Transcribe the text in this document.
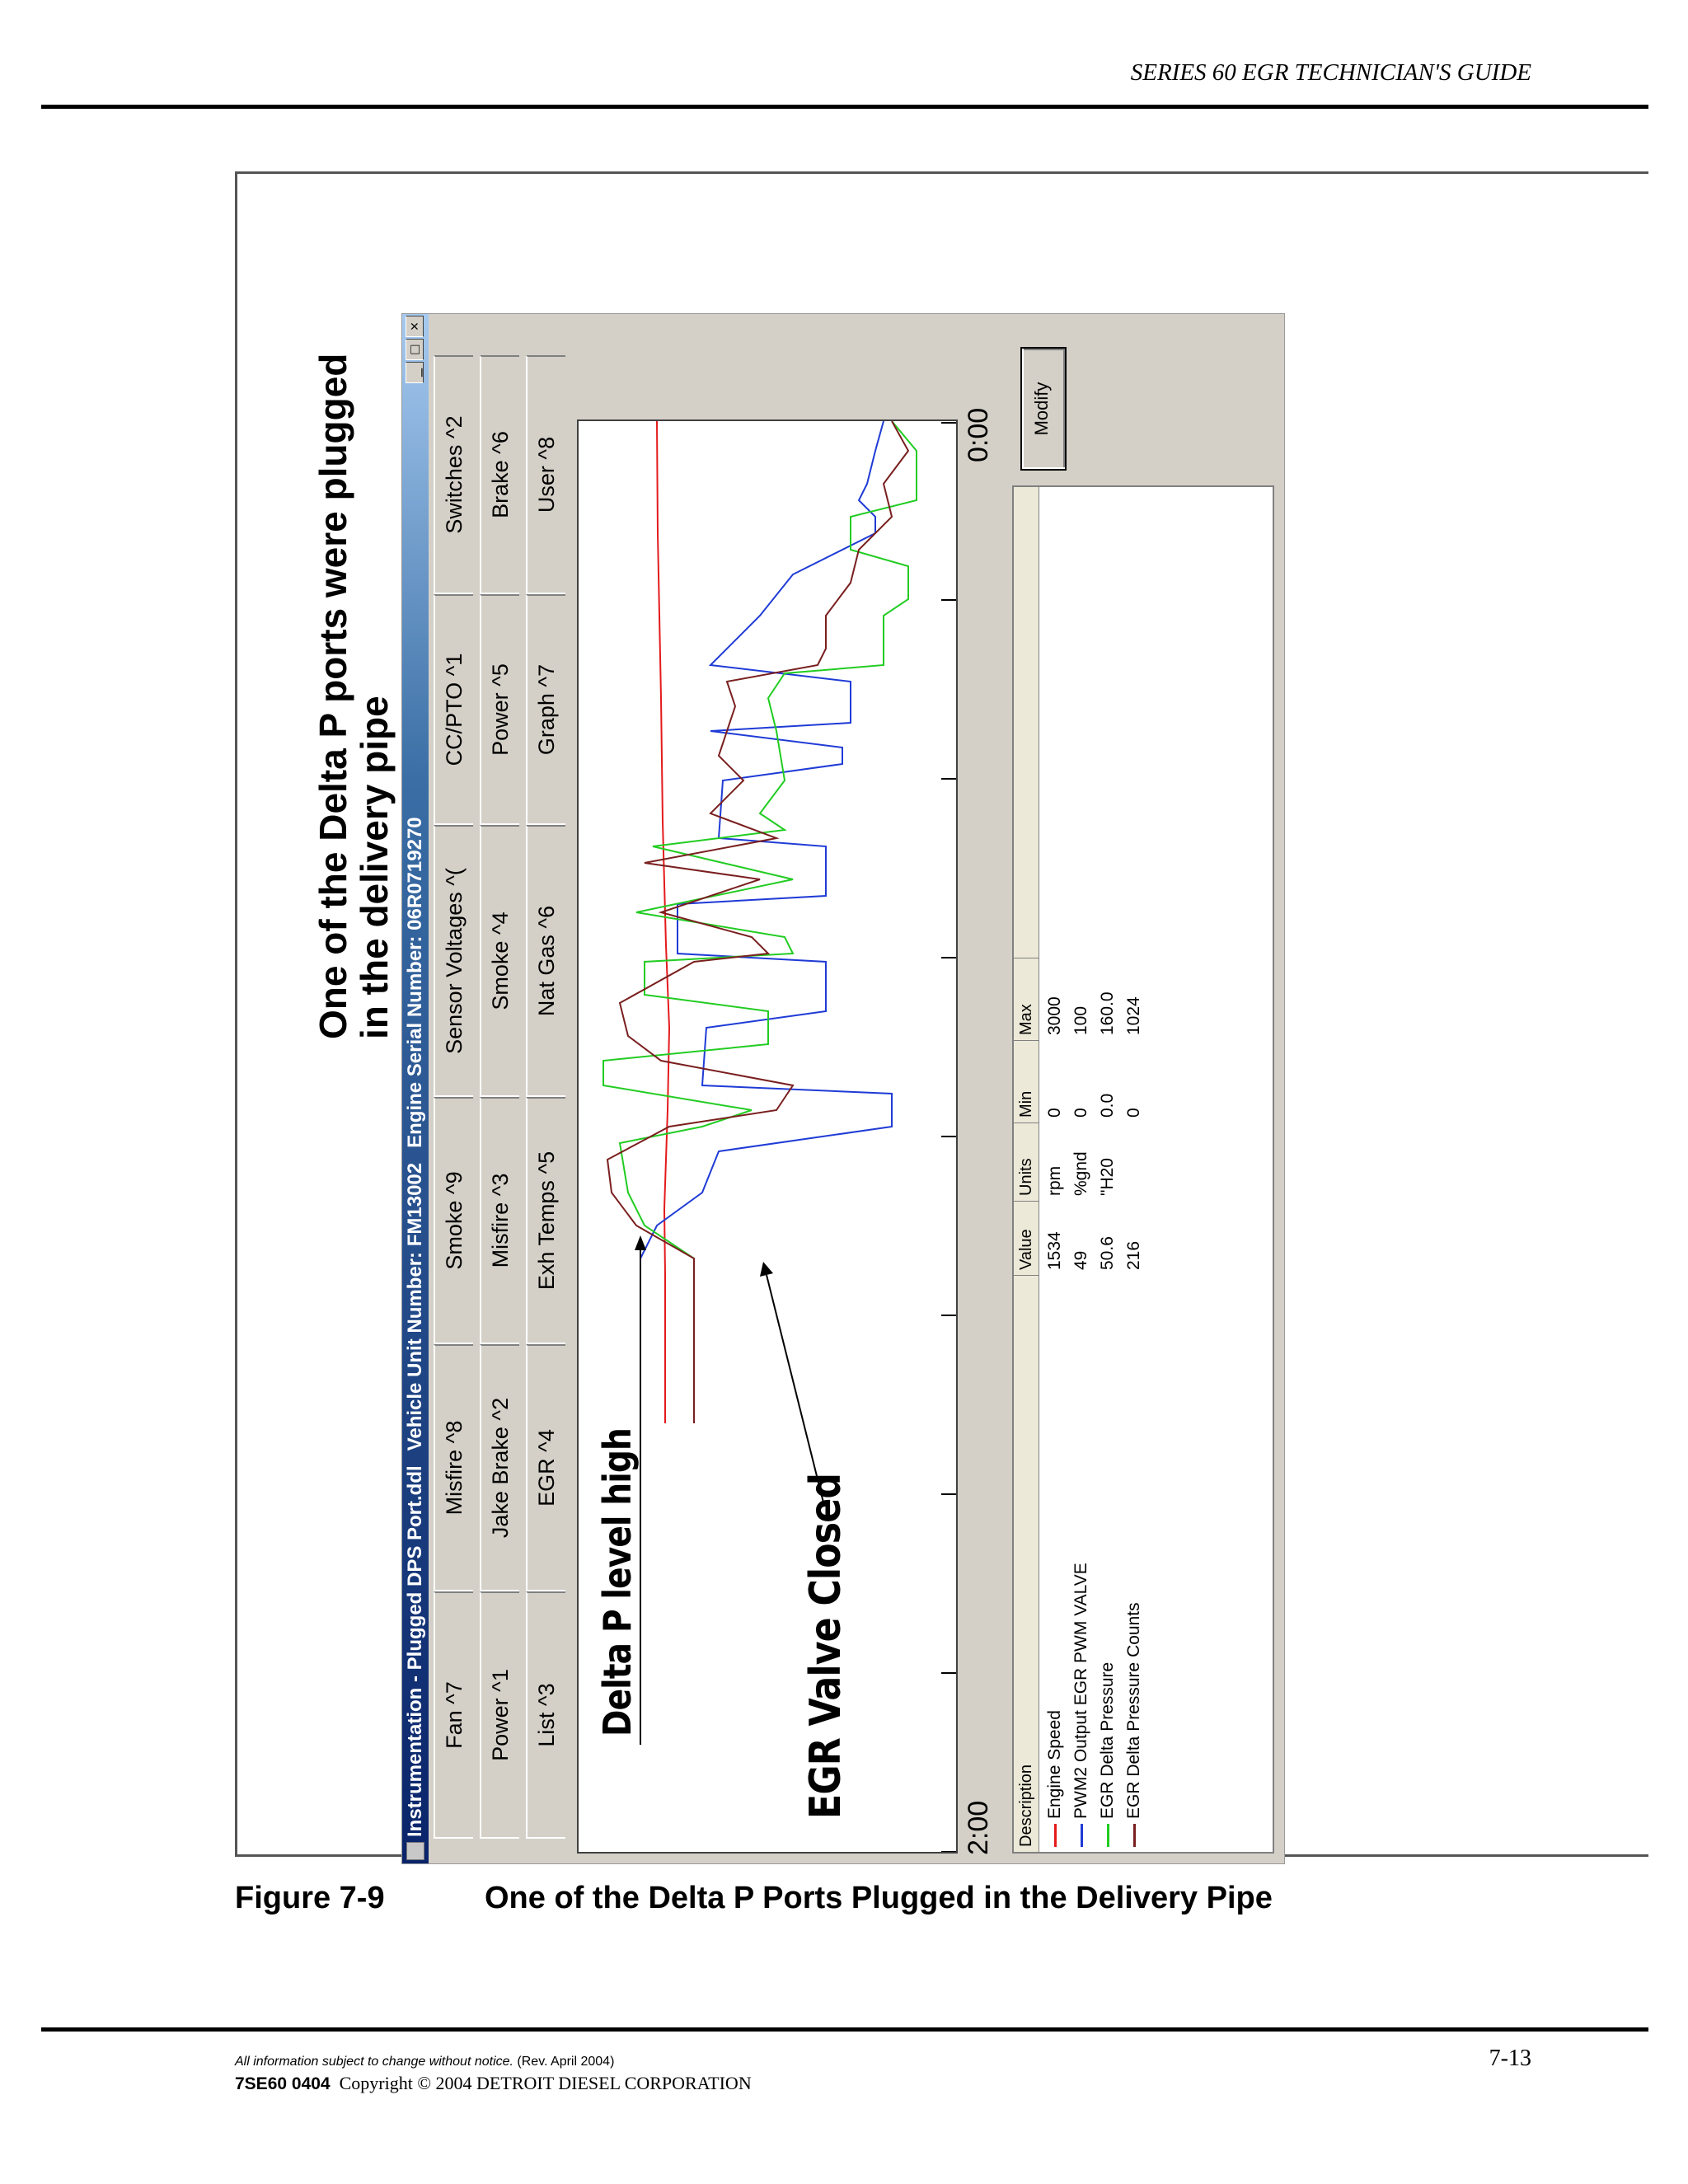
SERIES 60 EGR TECHNICIAN'S GUIDE
Instrumentation - Plugged DPS Port.ddlVehicle Unit Number: FM13002Engine Serial Number: 06R0719270
_
□
×
Fan ^7
Misfire ^8
Smoke ^9
Sensor Voltages ^(
CC/PTO ^1
Switches ^2
Power ^1
Jake Brake ^2
Misfire ^3
Smoke ^4
Power ^5
Brake ^6
List ^3
EGR ^4
Exh Temps ^5
Nat Gas ^6
Graph ^7
User ^8
Delta P level high	EGR Valve Closed
2:00
0:00
Description
Value
Units
Min
Max
Engine Speed
1534
rpm
0
3000
PWM2 Output EGR PWM VALVE
49
%gnd
0
100
EGR Delta Pressure
50.6
"H20
0.0
160.0
EGR Delta Pressure Counts
216
0
1024
Modify
One of the Delta P ports were plugged
in the delivery pipe
Figure 7-9	One of the Delta P Ports Plugged in the Delivery Pipe
All information subject to change without notice. (Rev. April 2004)
7SE60 0404 Copyright © 2004 DETROIT DIESEL CORPORATION
7-13
